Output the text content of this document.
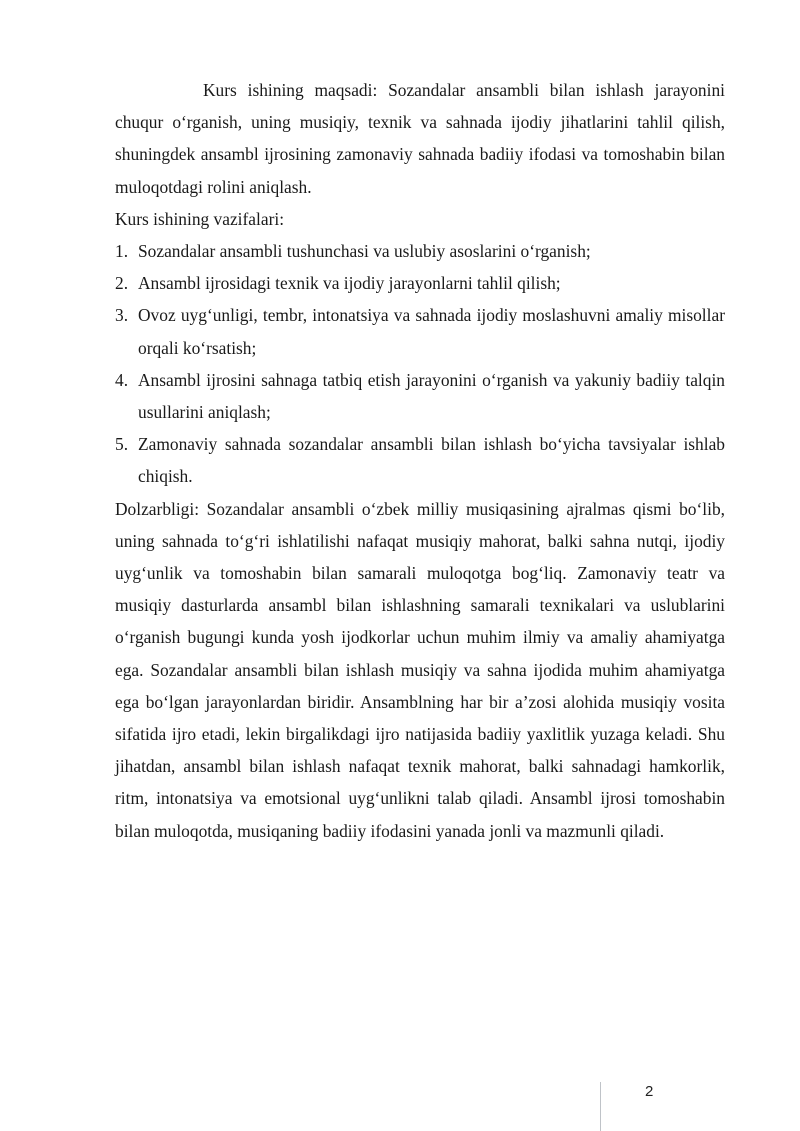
Kurs ishining maqsadi: Sozandalar ansambli bilan ishlash jarayonini chuqur o‘rganish, uning musiqiy, texnik va sahnada ijodiy jihatlarini tahlil qilish, shuningdek ansambl ijrosining zamonaviy sahnada badiiy ifodasi va tomoshabin bilan muloqotdagi rolini aniqlash.

Kurs ishining vazifalari:

1. Sozandalar ansambli tushunchasi va uslubiy asoslarini o‘rganish;
2. Ansambl ijrosidagi texnik va ijodiy jarayonlarni tahlil qilish;
3. Ovoz uyg‘unligi, tembr, intonatsiya va sahnada ijodiy moslashuvni amaliy misollar orqali ko‘rsatish;
4. Ansambl ijrosini sahnaga tatbiq etish jarayonini o‘rganish va yakuniy badiiy talqin usullarini aniqlash;
5. Zamonaviy sahnada sozandalar ansambli bilan ishlash bo‘yicha tavsiyalar ishlab chiqish.

Dolzarbligi: Sozandalar ansambli o‘zbek milliy musiqasining ajralmas qismi bo‘lib, uning sahnada to‘g‘ri ishlatilishi nafaqat musiqiy mahorat, balki sahna nutqi, ijodiy uyg‘unlik va tomoshabin bilan samarali muloqotga bog‘liq. Zamonaviy teatr va musiqiy dasturlarda ansambl bilan ishlashning samarali texnikalari va uslublarini o‘rganish bugungi kunda yosh ijodkorlar uchun muhim ilmiy va amaliy ahamiyatga ega. Sozandalar ansambli bilan ishlash musiqiy va sahna ijodida muhim ahamiyatga ega bo‘lgan jarayonlardan biridir. Ansamblning har bir a’zosi alohida musiqiy vosita sifatida ijro etadi, lekin birgalikdagi ijro natijasida badiiy yaxlitlik yuzaga keladi. Shu jihatdan, ansambl bilan ishlash nafaqat texnik mahorat, balki sahnadagi hamkorlik, ritm, intonatsiya va emotsional uyg‘unlikni talab qiladi. Ansambl ijrosi tomoshabin bilan muloqotda, musiqaning badiiy ifodasini yanada jonli va mazmunli qiladi.

2
